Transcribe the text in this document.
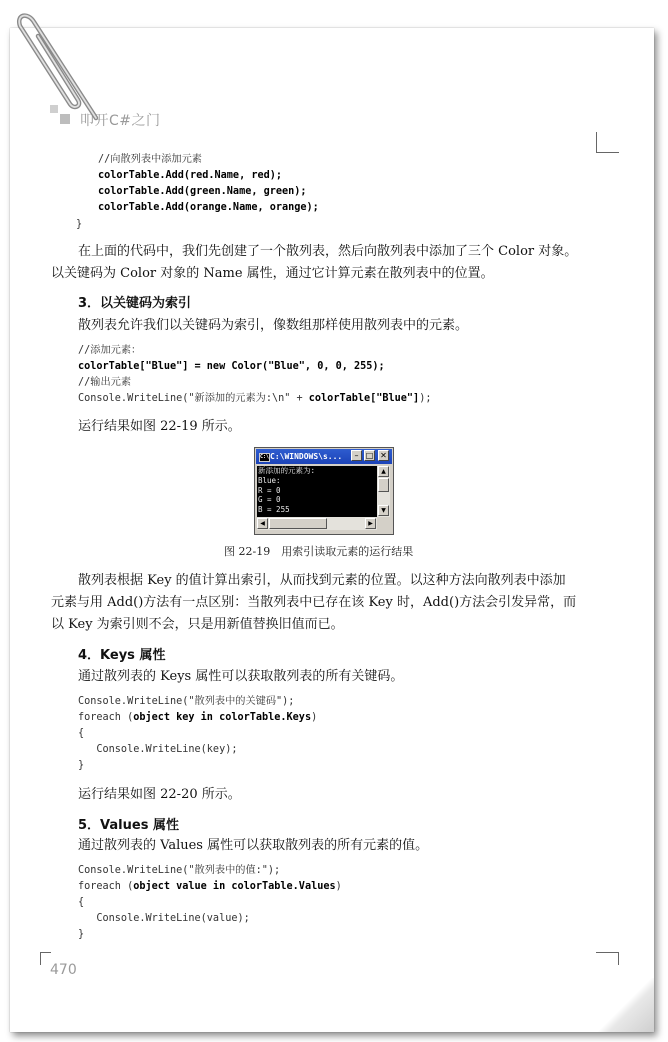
叩开C#之门
//向散列表中添加元素
colorTable.Add(red.Name, red);
colorTable.Add(green.Name, green);
colorTable.Add(orange.Name, orange);
}
在上面的代码中，我们先创建了一个散列表，然后向散列表中添加了三个 Color 对象。
以关键码为 Color 对象的 Name 属性，通过它计算元素在散列表中的位置。
3．以关键码为索引
散列表允许我们以关键码为索引，像数组那样使用散列表中的元素。
//添加元素：
colorTable["Blue"] = new Color("Blue", 0, 0, 255);
//输出元素
Console.WriteLine("新添加的元素为:\n" + colorTable["Blue"]);
运行结果如图 22-19 所示。
C:\ C:\WINDOWS\s...	– □ ✕
新添加的元素为:
Blue:
R = 0
G = 0
B = 255
▲
▼
◀	▶
图 22-19　用索引读取元素的运行结果
散列表根据 Key 的值计算出索引，从而找到元素的位置。以这种方法向散列表中添加
元素与用 Add()方法有一点区别：当散列表中已存在该 Key 时，Add()方法会引发异常，而
以 Key 为索引则不会，只是用新值替换旧值而已。
4．Keys 属性
通过散列表的 Keys 属性可以获取散列表的所有关键码。
Console.WriteLine("散列表中的关键码");
foreach (object key in colorTable.Keys)
{
Console.WriteLine(key);
}
运行结果如图 22-20 所示。
5．Values 属性
通过散列表的 Values 属性可以获取散列表的所有元素的值。
Console.WriteLine("散列表中的值:");
foreach (object value in colorTable.Values)
{
Console.WriteLine(value);
}
470
